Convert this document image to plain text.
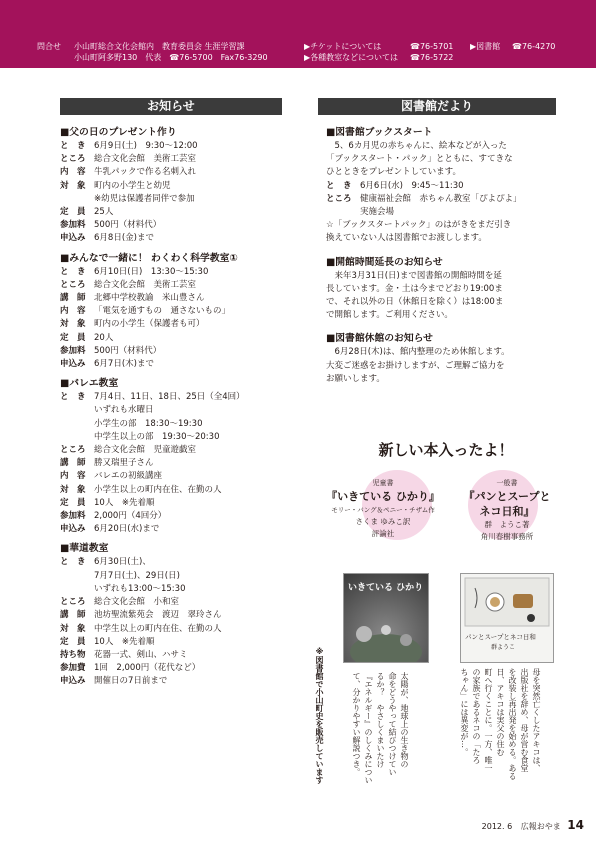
問合せ 小山町総合文化会館内　教育委員会 生涯学習課
小山町阿多野130　代表　☎76-5700　Fax76-3290
▶チケットについては	☎76-5701 ▶図書館 ☎76-4270
▶各種教室などについては ☎76-5722
お知らせ	図書館だより

■父の日のプレゼント作り

と　き 6月9日(土)　9:30～12:00
ところ 総合文化会館　美術工芸室
内　容 牛乳パックで作る名刺入れ
対　象 町内の小学生と幼児
※幼児は保護者同伴で参加
定　員 25人
参加料 500円（材料代）
申込み 6月8日(金)まで

■みんなで一緒に！ わくわく科学教室①

と　き 6月10日(日)　13:30～15:30
ところ 総合文化会館　美術工芸室
講　師 北郷中学校教諭　米山豊さん
内　容 「電気を通すもの　通さないもの」
対　象 町内の小学生（保護者も可）
定　員 20人
参加料 500円（材料代）
申込み 6月7日(木)まで

■バレエ教室

と　き 7月4日、11日、18日、25日（全4回）
いずれも水曜日
小学生の部　18:30～19:30
中学生以上の部　19:30～20:30
ところ 総合文化会館　児童遊戯室
講　師 勝又瑞里子さん
内　容 バレエの初級講座
対　象 小学生以上の町内在住、在勤の人
定　員 10人　※先着順
参加料 2,000円（4回分）
申込み 6月20日(水)まで

■華道教室

と　き 6月30日(土)、
7月7日(土)、29日(日)
いずれも13:00～15:30
ところ 総合文化会館　小和室
講　師 池坊聖流紫苑会　渡辺　翠玲さん
対　象 中学生以上の町内在住、在勤の人
定　員 10人　※先着順
持ち物 花器一式、剣山、ハサミ
参加費 1回　2,000円（花代など）
申込み 開催日の7日前まで

■図書館ブックスタート

5、6カ月児の赤ちゃんに、絵本などが入った

「ブックスタート・パック」とともに、すてきな

ひとときをプレゼントしています。

と　き 6月6日(水)　9:45～11:30
ところ 健康福祉会館　赤ちゃん教室「ぴよぴよ」
実施会場

☆「ブックスタートパック」のはがきをまだ引き

換えていない人は図書館でお渡しします。

■開館時間延長のお知らせ

来年3月31日(日)まで図書館の開館時間を延

長しています。金・土は今までどおり19:00ま

で、それ以外の日（休館日を除く）は18:00ま

で開館します。ご利用ください。

■図書館休館のお知らせ

6月28日(木)は、館内整理のため休館します。

大変ご迷惑をお掛けしますが、ご理解ご協力を

お願いします。

新しい本入ったよ！
児童書
『いきている ひかり』
モリー・バング＆ペニー・チザム作
さくま ゆみこ訳
評論社
一般書
『パンとスープと
ネコ日和』
群　ようこ著
角川春樹事務所
いきている ひかり
パンとスープとネコ日和
群ようこ
※図書館で小山町史を販売しています	太陽が、地球上の生き物の
命をどうやって結びつけてい
るか？　やさしくまいたけ
『エネルギー』のしくみについ
て、分かりやすい解説つき。	母を突然亡くしたアキコは、
出版社を辞め、母が営む食堂
を改装し再出発を始める。ある
日、アキコは実父の住む
町へ行くことに。一方、唯一
の家族であるネコの「たろ
ちゃん」には異変が…。
2012. 6 広報おやま 14
